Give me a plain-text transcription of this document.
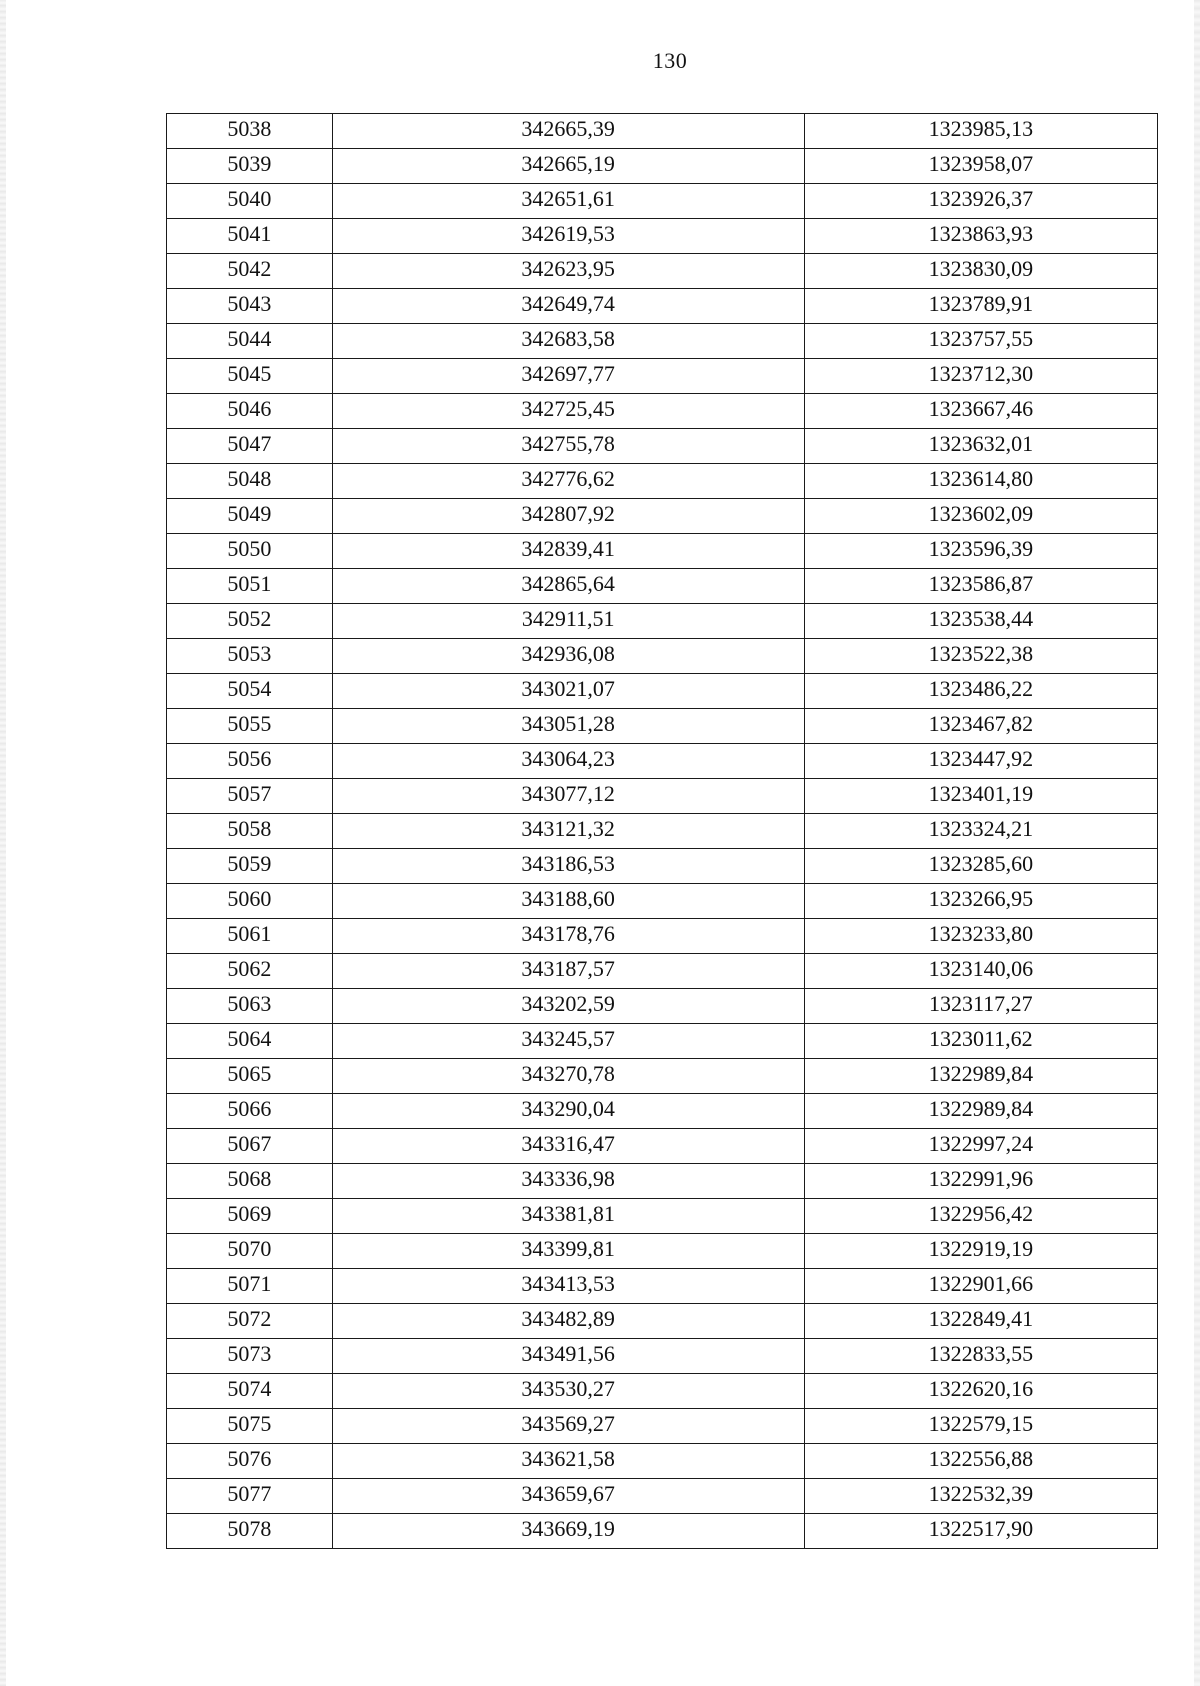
130
5038	342665,39	1323985,13
5039	342665,19	1323958,07
5040	342651,61	1323926,37
5041	342619,53	1323863,93
5042	342623,95	1323830,09
5043	342649,74	1323789,91
5044	342683,58	1323757,55
5045	342697,77	1323712,30
5046	342725,45	1323667,46
5047	342755,78	1323632,01
5048	342776,62	1323614,80
5049	342807,92	1323602,09
5050	342839,41	1323596,39
5051	342865,64	1323586,87
5052	342911,51	1323538,44
5053	342936,08	1323522,38
5054	343021,07	1323486,22
5055	343051,28	1323467,82
5056	343064,23	1323447,92
5057	343077,12	1323401,19
5058	343121,32	1323324,21
5059	343186,53	1323285,60
5060	343188,60	1323266,95
5061	343178,76	1323233,80
5062	343187,57	1323140,06
5063	343202,59	1323117,27
5064	343245,57	1323011,62
5065	343270,78	1322989,84
5066	343290,04	1322989,84
5067	343316,47	1322997,24
5068	343336,98	1322991,96
5069	343381,81	1322956,42
5070	343399,81	1322919,19
5071	343413,53	1322901,66
5072	343482,89	1322849,41
5073	343491,56	1322833,55
5074	343530,27	1322620,16
5075	343569,27	1322579,15
5076	343621,58	1322556,88
5077	343659,67	1322532,39
5078	343669,19	1322517,90
